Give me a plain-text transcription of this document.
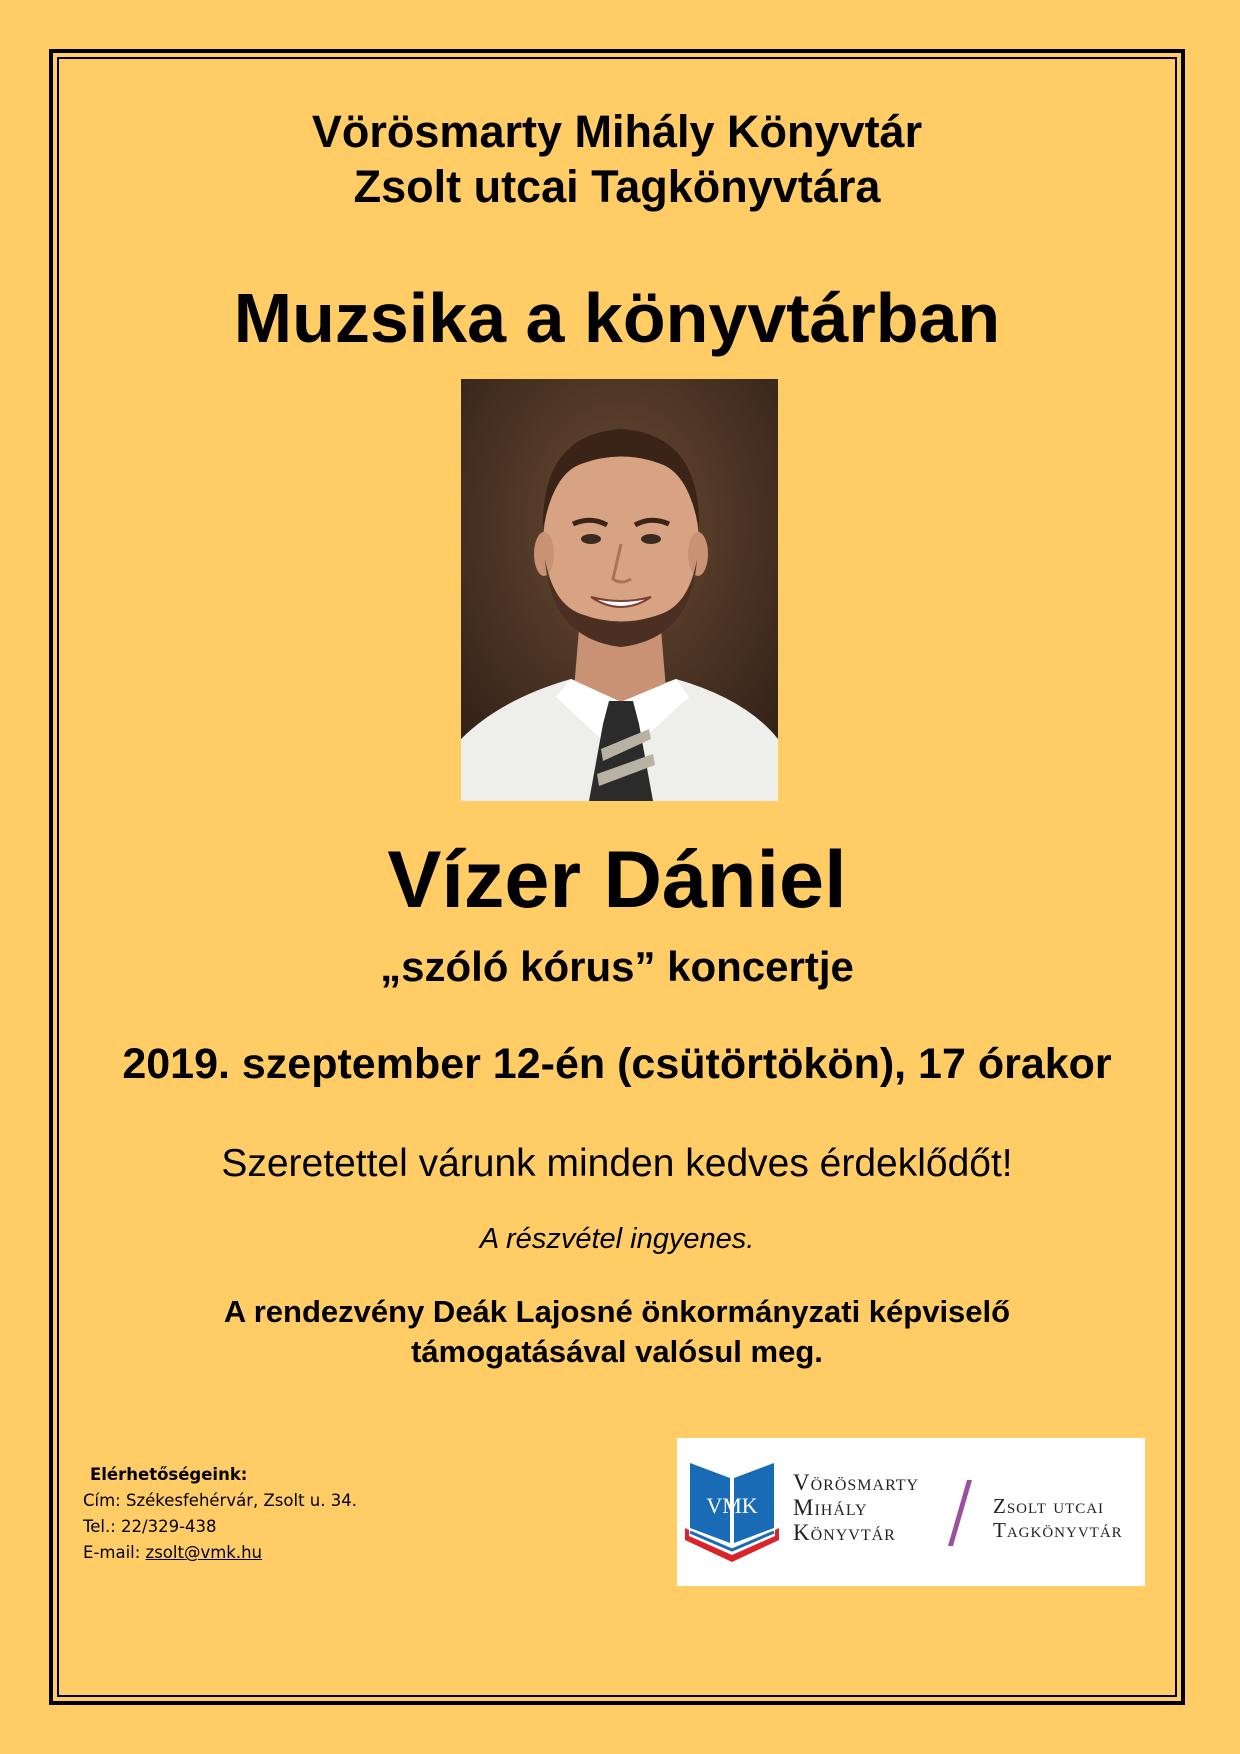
Vörösmarty Mihály Könyvtár
Zsolt utcai Tagkönyvtára
Muzsika a könyvtárban
Vízer Dániel
„szóló kórus” koncertje
2019. szeptember 12-én (csütörtökön), 17 órakor
Szeretettel várunk minden kedves érdeklődőt!
A részvétel ingyenes.
A rendezvény Deák Lajosné önkormányzati képviselő
támogatásával valósul meg.
Elérhetőségeink:
Cím: Székesfehérvár, Zsolt u. 34.
Tel.: 22/329-438
E-mail: zsolt@vmk.hu
VMK
Vörösmarty
Mihály
Könyvtár
Zsolt utcai
Tagkönyvtár
